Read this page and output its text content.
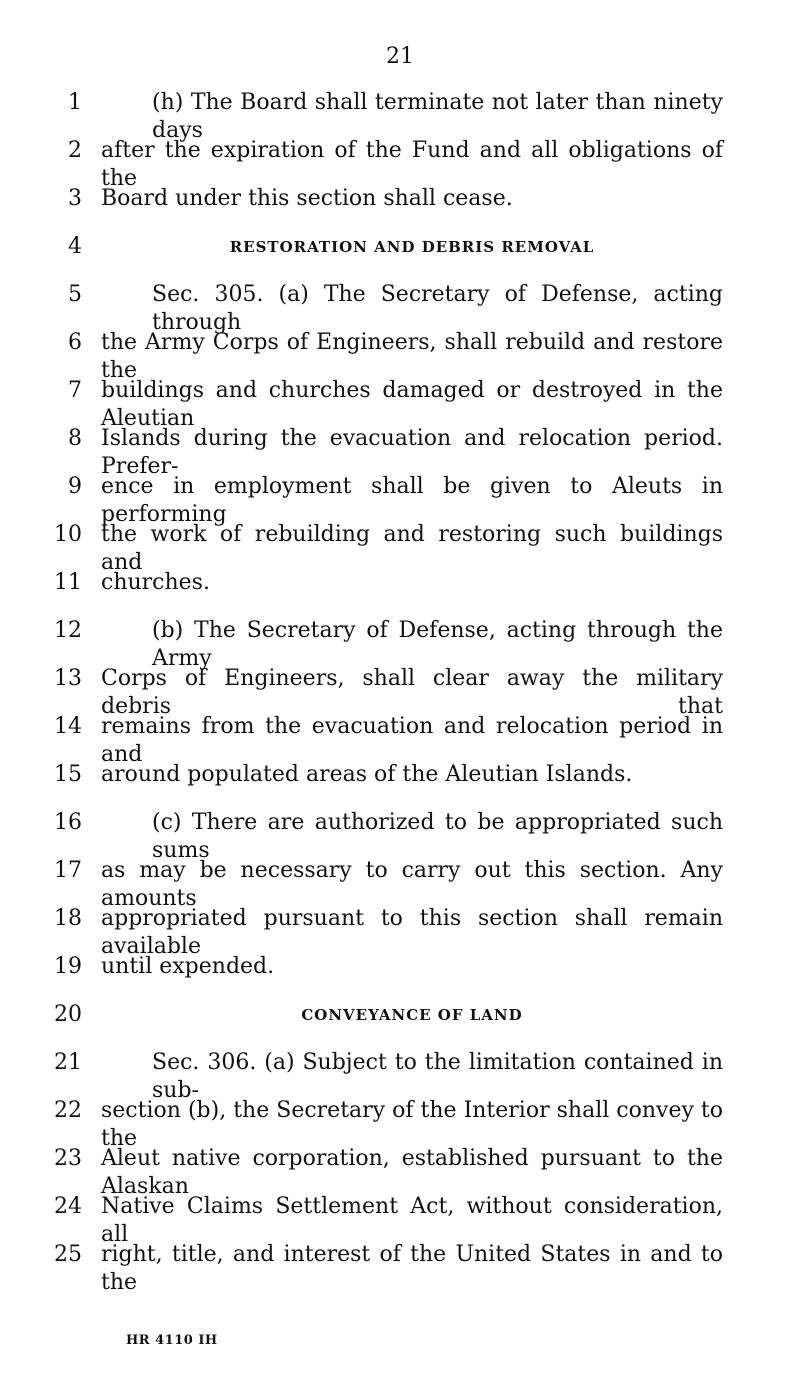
21
1	(h) The Board shall terminate not later than ninety days
2 after the expiration of the Fund and all obligations of the
3 Board under this section shall cease.
4	RESTORATION AND DEBRIS REMOVAL
5	Sec. 305. (a) The Secretary of Defense, acting through
6 the Army Corps of Engineers, shall rebuild and restore the
7 buildings and churches damaged or destroyed in the Aleutian
8 Islands during the evacuation and relocation period. Prefer-
9 ence in employment shall be given to Aleuts in performing
10 the work of rebuilding and restoring such buildings and
11 churches.
12	(b) The Secretary of Defense, acting through the Army
13 Corps of Engineers, shall clear away the military debris that
14 remains from the evacuation and relocation period in and
15 around populated areas of the Aleutian Islands.
16	(c) There are authorized to be appropriated such sums
17 as may be necessary to carry out this section. Any amounts
18 appropriated pursuant to this section shall remain available
19 until expended.
20	CONVEYANCE OF LAND
21	Sec. 306. (a) Subject to the limitation contained in sub-
22 section (b), the Secretary of the Interior shall convey to the
23 Aleut native corporation, established pursuant to the Alaskan
24 Native Claims Settlement Act, without consideration, all
25 right, title, and interest of the United States in and to the
HR 4110 IH
